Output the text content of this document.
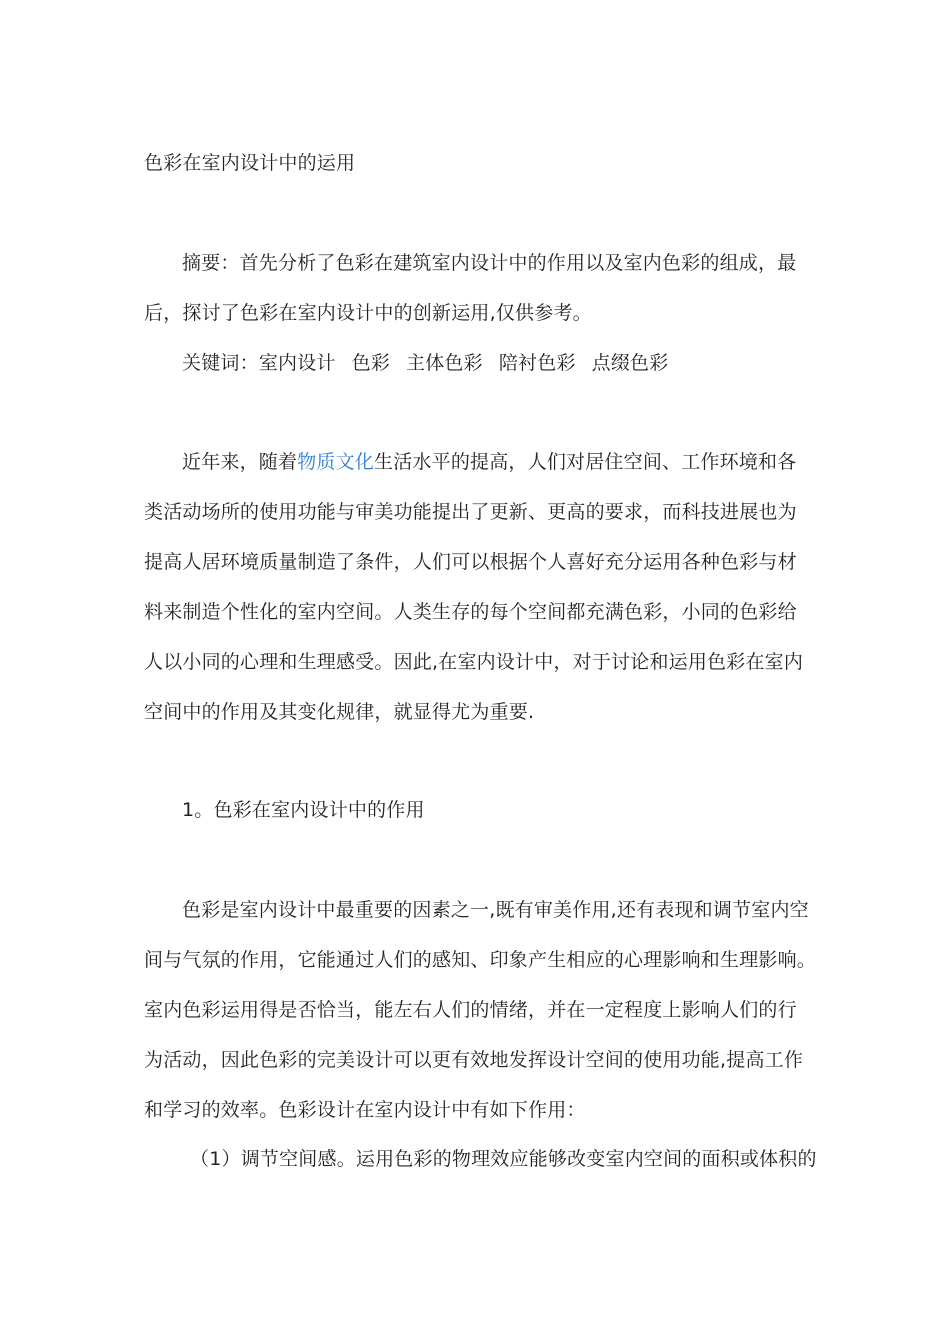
色彩在室内设计中的运用
摘要：首先分析了色彩在建筑室内设计中的作用以及室内色彩的组成，最
后，探讨了色彩在室内设计中的创新运用,仅供参考。
关键词：室内设计 色彩 主体色彩 陪衬色彩 点缀色彩
近年来，随着物质文化生活水平的提高，人们对居住空间、工作环境和各
类活动场所的使用功能与审美功能提出了更新、更高的要求，而科技进展也为
提高人居环境质量制造了条件，人们可以根据个人喜好充分运用各种色彩与材
料来制造个性化的室内空间。人类生存的每个空间都充满色彩，小同的色彩给
人以小同的心理和生理感受。因此,在室内设计中，对于讨论和运用色彩在室内
空间中的作用及其变化规律，就显得尤为重要.
1。色彩在室内设计中的作用
色彩是室内设计中最重要的因素之一,既有审美作用,还有表现和调节室内空
间与气氛的作用，它能通过人们的感知、印象产生相应的心理影响和生理影响。
室内色彩运用得是否恰当，能左右人们的情绪，并在一定程度上影响人们的行
为活动，因此色彩的完美设计可以更有效地发挥设计空间的使用功能,提高工作
和学习的效率。色彩设计在室内设计中有如下作用：
（1）调节空间感。运用色彩的物理效应能够改变室内空间的面积或体积的
